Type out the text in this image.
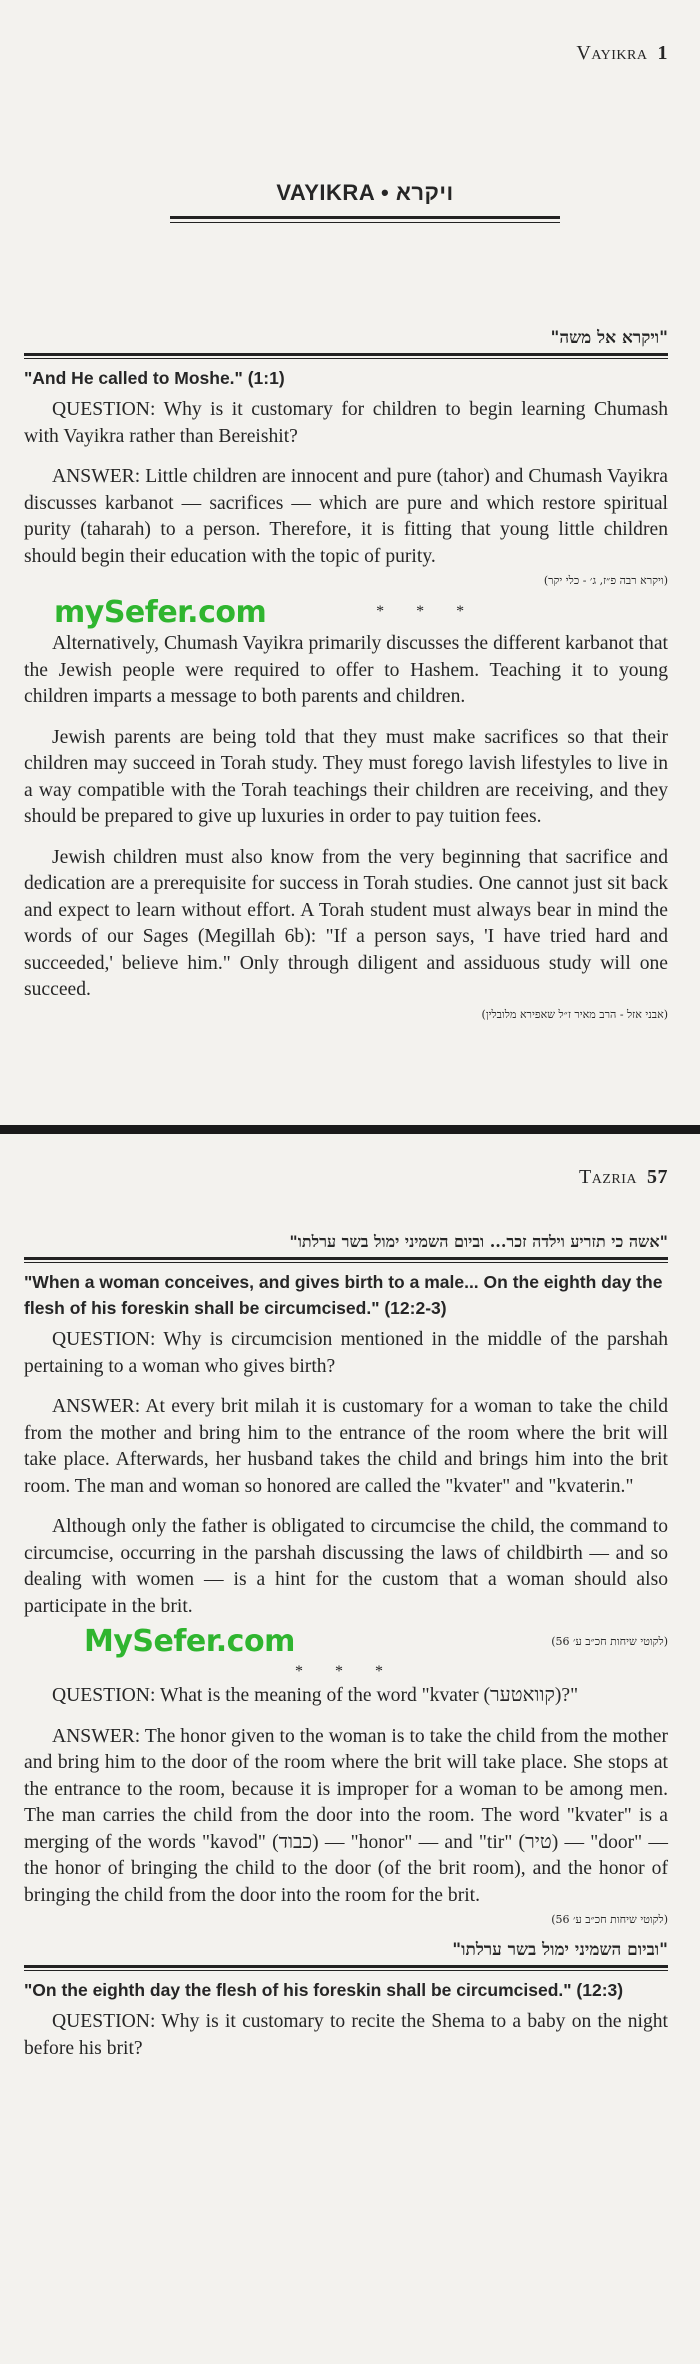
Vayikra 1
VAYIKRA • ויקרא
"ויקרא אל משה"
"And He called to Moshe." (1:1)

QUESTION: Why is it customary for children to begin learning Chumash with Vayikra rather than Bereishit?

ANSWER: Little children are innocent and pure (tahor) and Chumash Vayikra discusses karbanot — sacrifices — which are pure and which restore spiritual purity (taharah) to a person. Therefore, it is fitting that young little children should begin their education with the topic of purity.

(ויקרא רבה פ״ז, ג׳ - כלי יקר)
mySefer.com	* * *

Alternatively, Chumash Vayikra primarily discusses the different karbanot that the Jewish people were required to offer to Hashem. Teaching it to young children imparts a message to both parents and children.

Jewish parents are being told that they must make sacrifices so that their children may succeed in Torah study. They must forego lavish lifestyles to live in a way compatible with the Torah teachings their children are receiving, and they should be prepared to give up luxuries in order to pay tuition fees.

Jewish children must also know from the very beginning that sacrifice and dedication are a prerequisite for success in Torah studies. One cannot just sit back and expect to learn without effort. A Torah student must always bear in mind the words of our Sages (Megillah 6b): "If a person says, 'I have tried hard and succeeded,' believe him." Only through diligent and assiduous study will one succeed.

(אבני אזל - הרב מאיר ז״ל שאפירא מלובלין)
Tazria 57
"אשה כי תזריע וילדה זכר... וביום השמיני ימול בשר ערלתו"
"When a woman conceives, and gives birth to a male... On the eighth day the flesh of his foreskin shall be circumcised." (12:2-3)

QUESTION: Why is circumcision mentioned in the middle of the parshah pertaining to a woman who gives birth?

ANSWER: At every brit milah it is customary for a woman to take the child from the mother and bring him to the entrance of the room where the brit will take place. Afterwards, her husband takes the child and brings him into the brit room. The man and woman so honored are called the "kvater" and "kvaterin."

Although only the father is obligated to circumcise the child, the command to circumcise, occurring in the parshah discussing the laws of childbirth — and so dealing with women — is a hint for the custom that a woman should also participate in the brit.

MySefer.com	(לקוטי שיחות חכ״ב ע׳ 56)
* * *

QUESTION: What is the meaning of the word "kvater (קוואטער)?"

ANSWER: The honor given to the woman is to take the child from the mother and bring him to the door of the room where the brit will take place. She stops at the entrance to the room, because it is improper for a woman to be among men. The man carries the child from the door into the room. The word "kvater" is a merging of the words "kavod" (כבוד) — "honor" — and "tir" (טיר) — "door" — the honor of bringing the child to the door (of the brit room), and the honor of bringing the child from the door into the room for the brit.

(לקוטי שיחות חכ״ב ע׳ 56)
"וביום השמיני ימול בשר ערלתו"
"On the eighth day the flesh of his foreskin shall be circumcised." (12:3)

QUESTION: Why is it customary to recite the Shema to a baby on the night before his brit?
